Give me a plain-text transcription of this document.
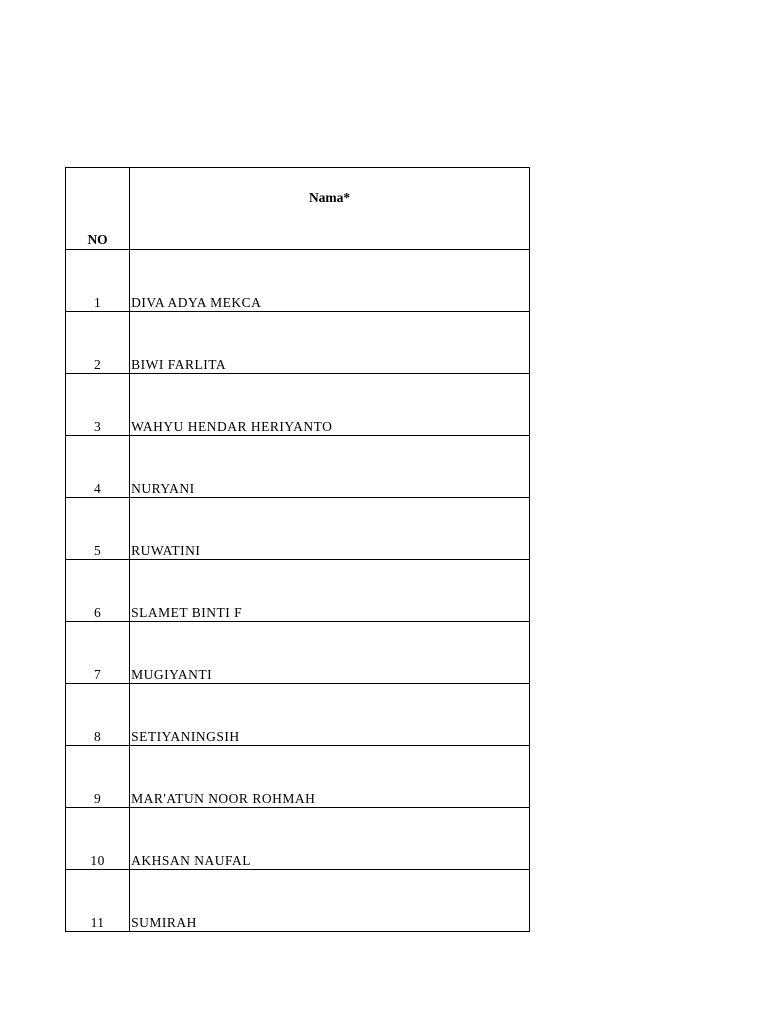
NO	Nama*
1	DIVA ADYA MEKCA
2	BIWI FARLITA
3	WAHYU HENDAR HERIYANTO
4	NURYANI
5	RUWATINI
6	SLAMET BINTI F
7	MUGIYANTI
8	SETIYANINGSIH
9	MAR'ATUN NOOR ROHMAH
10	AKHSAN NAUFAL
11	SUMIRAH
